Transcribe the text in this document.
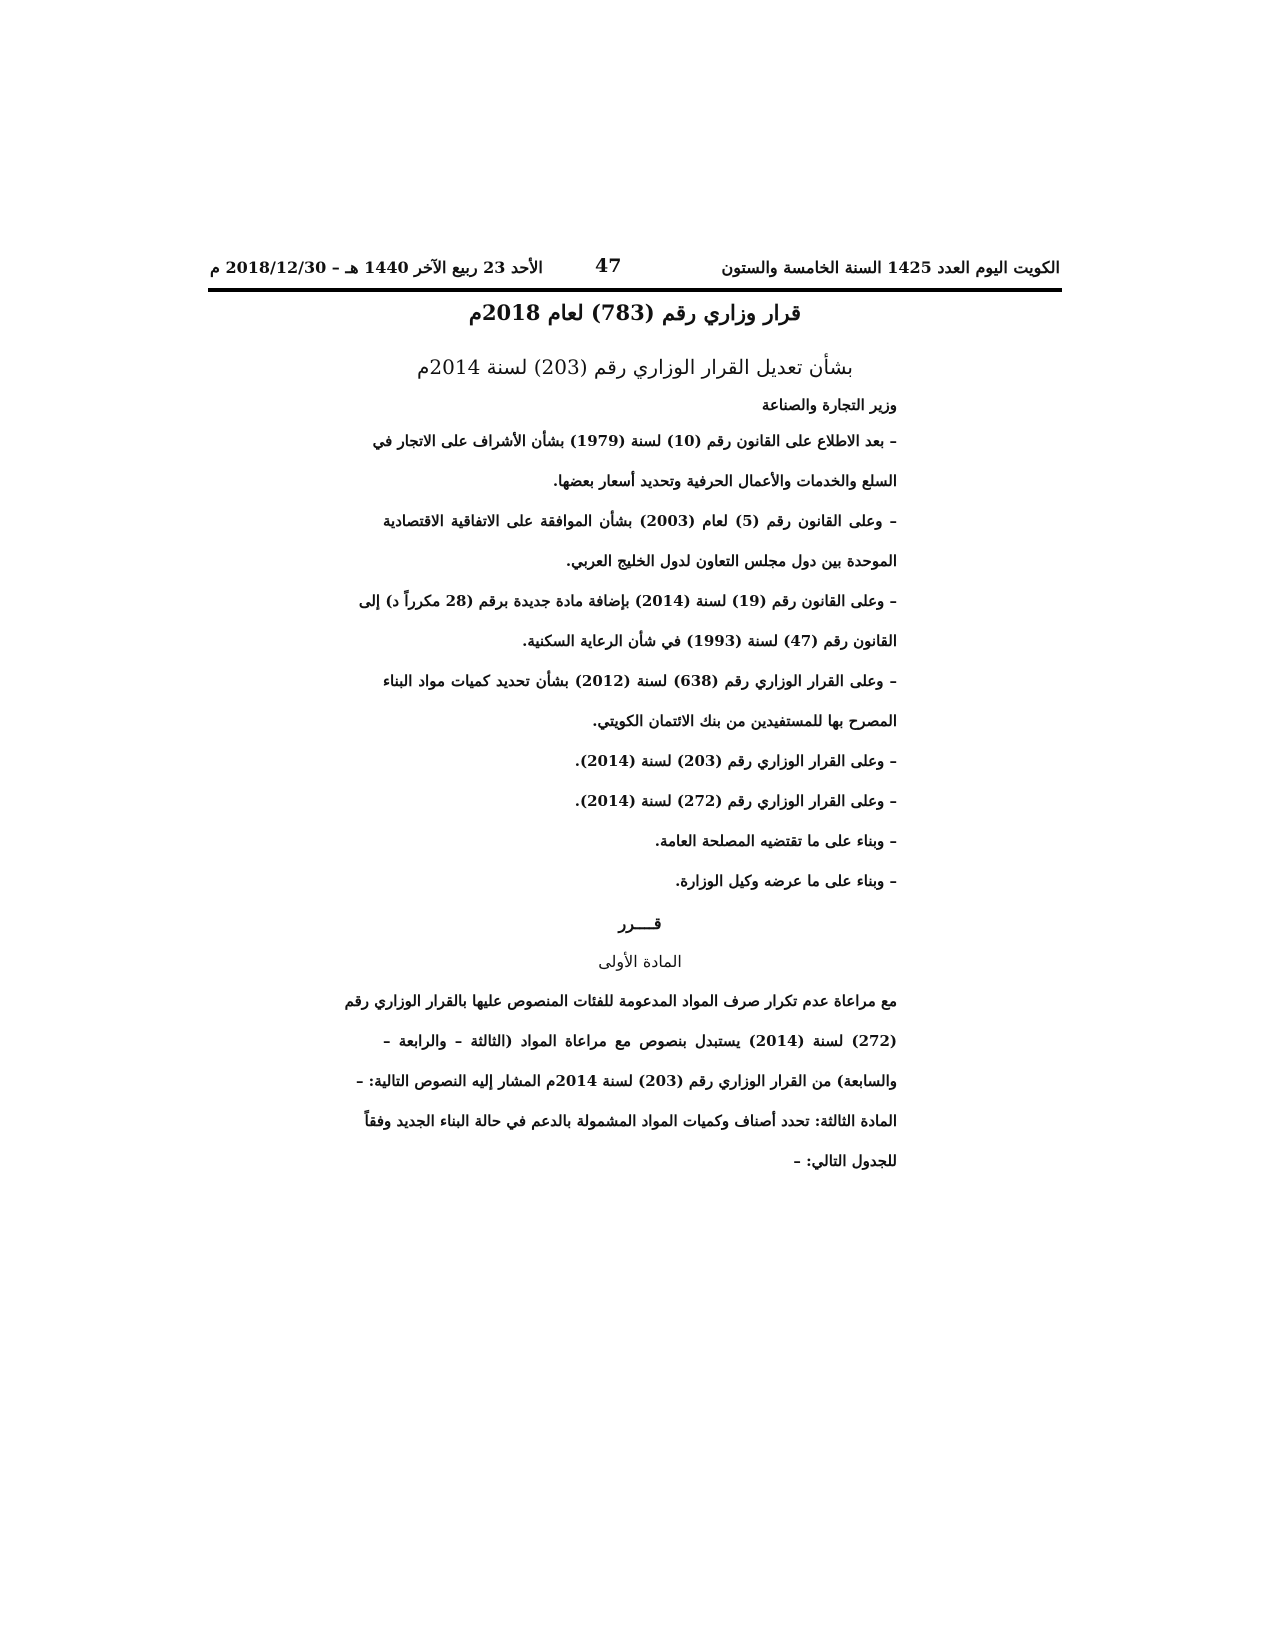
الكويت اليوم العدد 1425 السنة الخامسة والستون
47
الأحد 23 ربيع الآخر 1440 هـ – 2018/12/30 م
قرار وزاري رقم (783) لعام 2018م
بشأن تعديل القرار الوزاري رقم (203) لسنة 2014م
وزير التجارة والصناعة
– بعد الاطلاع على القانون رقم (10) لسنة (1979) بشأن الأشراف على الاتجار في
السلع والخدمات والأعمال الحرفية وتحديد أسعار بعضها.
– وعلى القانون رقم (5) لعام (2003) بشأن الموافقة على الاتفاقية الاقتصادية
الموحدة بين دول مجلس التعاون لدول الخليج العربي.
– وعلى القانون رقم (19) لسنة (2014) بإضافة مادة جديدة برقم (28 مكرراً د) إلى
القانون رقم (47) لسنة (1993) في شأن الرعاية السكنية.
– وعلى القرار الوزاري رقم (638) لسنة (2012) بشأن تحديد كميات مواد البناء
المصرح بها للمستفيدين من بنك الائتمان الكويتي.
– وعلى القرار الوزاري رقم (203) لسنة (2014).
– وعلى القرار الوزاري رقم (272) لسنة (2014).
– وبناء على ما تقتضيه المصلحة العامة.
– وبناء على ما عرضه وكيل الوزارة.
قــــرر
المادة الأولى
مع مراعاة عدم تكرار صرف المواد المدعومة للفئات المنصوص عليها بالقرار الوزاري رقم
(272) لسنة (2014) يستبدل بنصوص مع مراعاة المواد (الثالثة – والرابعة –
والسابعة) من القرار الوزاري رقم (203) لسنة 2014م المشار إليه النصوص التالية: –
المادة الثالثة: تحدد أصناف وكميات المواد المشمولة بالدعم في حالة البناء الجديد وفقاً
للجدول التالي: –
